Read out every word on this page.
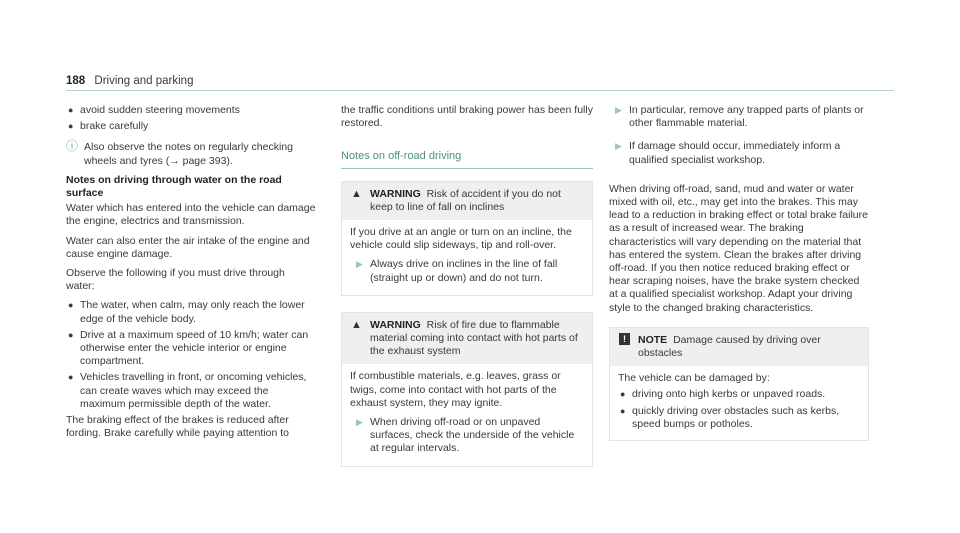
188 Driving and parking
● avoid sudden steering movements
● brake carefully
ⓘ Also observe the notes on regularly checking wheels and tyres (→ page 393).
Notes on driving through water on the road surface

Water which has entered into the vehicle can damage the engine, electrics and transmission.

Water can also enter the air intake of the engine and cause engine damage.

Observe the following if you must drive through water:

● The water, when calm, may only reach the lower edge of the vehicle body.
● Drive at a maximum speed of 10 km/h; water can otherwise enter the vehicle interior or engine compartment.
● Vehicles travelling in front, or oncoming vehicles, can create waves which may exceed the maximum permissible depth of the water.

The braking effect of the brakes is reduced after fording. Brake carefully while paying attention to

the traffic conditions until braking power has been fully restored.

Notes on off-road driving
▲ WARNING Risk of accident if you do not keep to line of fall on inclines
If you drive at an angle or turn on an incline, the vehicle could slip sideways, tip and roll-over.
▶ Always drive on inclines in the line of fall (straight up or down) and do not turn.
▲ WARNING Risk of fire due to flammable material coming into contact with hot parts of the exhaust system
If combustible materials, e.g. leaves, grass or twigs, come into contact with hot parts of the exhaust system, they may ignite.
▶ When driving off-road or on unpaved surfaces, check the underside of the vehicle at regular intervals.
▶ In particular, remove any trapped parts of plants or other flammable material.
▶ If damage should occur, immediately inform a qualified specialist workshop.

When driving off-road, sand, mud and water or water mixed with oil, etc., may get into the brakes. This may lead to a reduction in braking effect or total brake failure as a result of increased wear. The braking characteristics will vary depending on the material that has entered the system. Clean the brakes after driving off-road. If you then notice reduced braking effect or hear scraping noises, have the brake system checked at a qualified specialist workshop. Adapt your driving style to the changed braking characteristics.

!	NOTE Damage caused by driving over obstacles
The vehicle can be damaged by:
● driving onto high kerbs or unpaved roads.
● quickly driving over obstacles such as kerbs, speed bumps or potholes.
